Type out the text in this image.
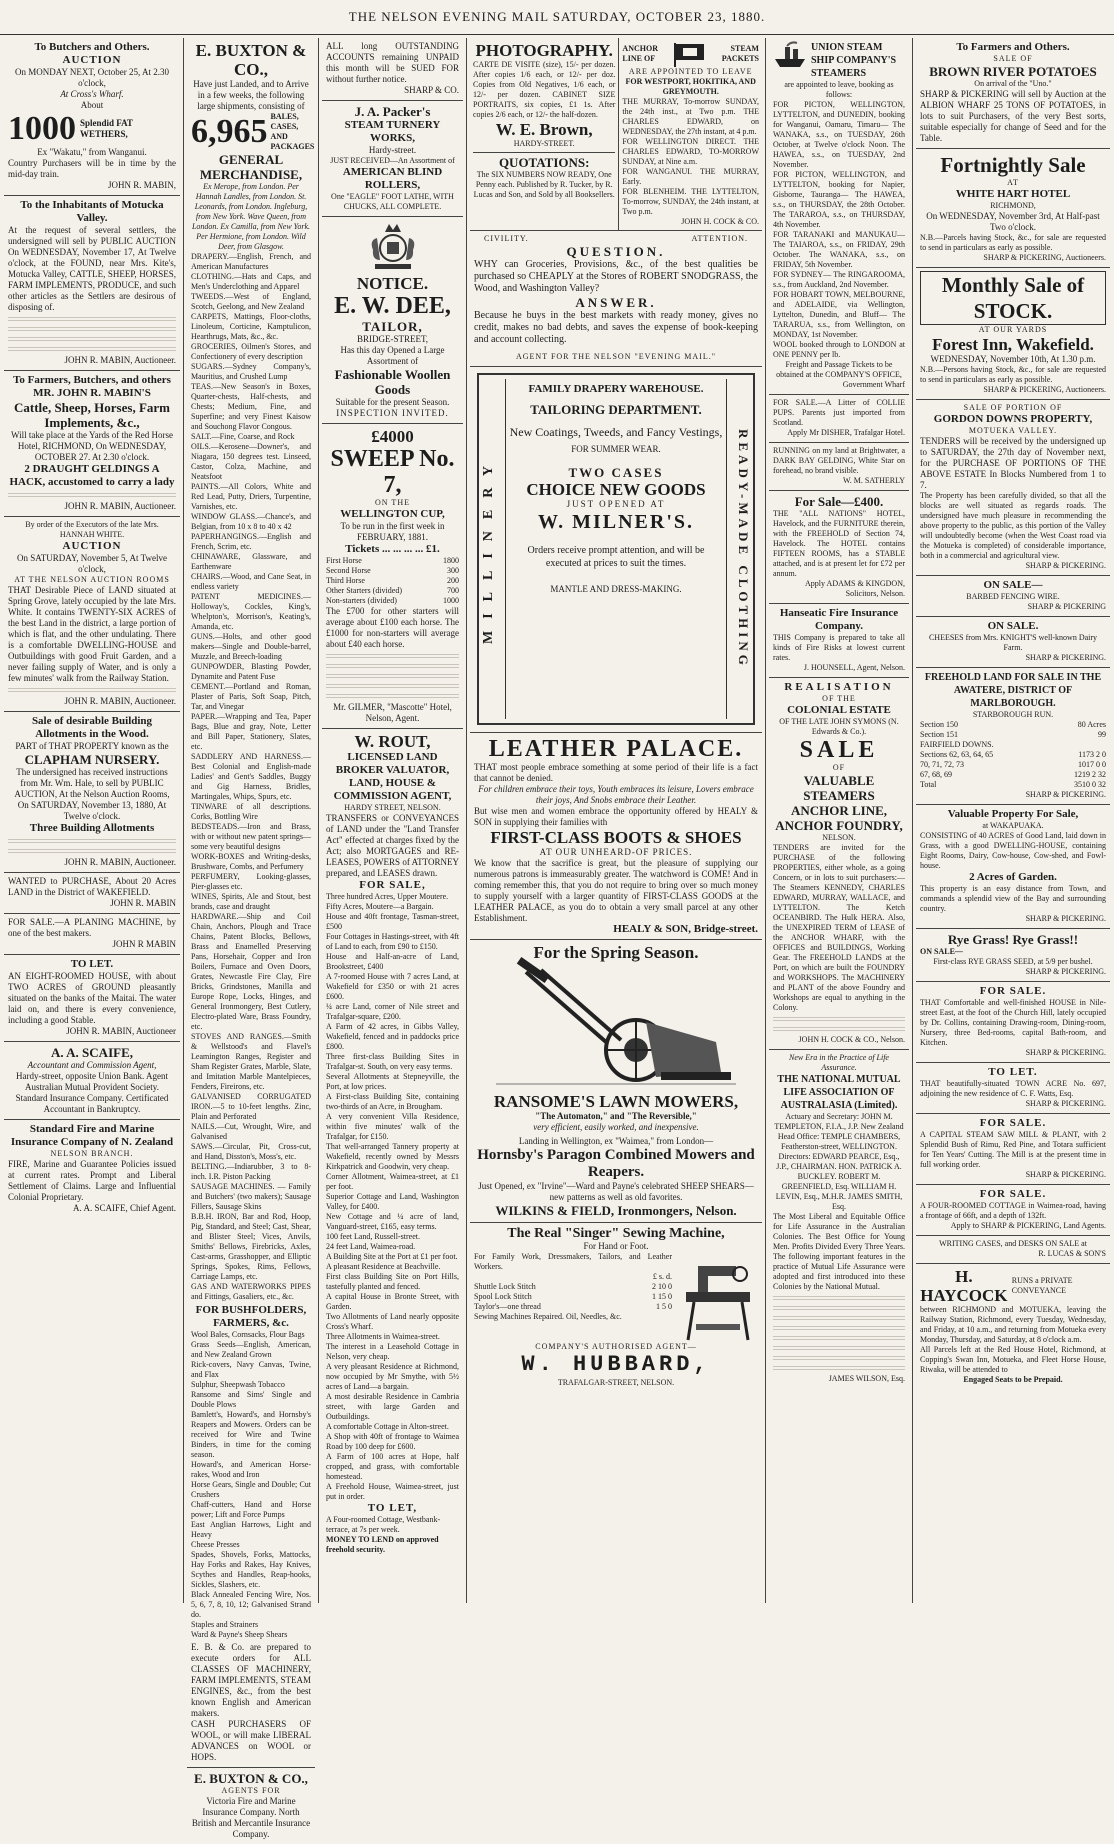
THE NELSON EVENING MAIL SATURDAY, OCTOBER 23, 1880.
To Butchers and Others.
AUCTION
On MONDAY NEXT, October 25, At 2.30 o'clock,
At Cross's Wharf.
About
1000 Splendid FAT WETHERS,
Ex "Wakatu," from Wanganui.
Country Purchasers will be in time by the mid-day train.
JOHN R. MABIN,
To the Inhabitants of Motucka Valley.
At the request of several settlers, the undersigned will sell by PUBLIC AUCTION On WEDNESDAY, November 17, At Twelve o'clock, at the FOUND, near Mrs. Kite's, Motucka Valley, CATTLE, SHEEP, HORSES, FARM IMPLEMENTS, PRODUCE, and such other articles as the Settlers are desirous of disposing of.
JOHN R. MABIN, Auctioneer.
To Farmers, Butchers, and others
MR. JOHN R. MABIN'S
Cattle, Sheep, Horses, Farm Implements, &c.,
Will take place at the Yards of the Red Horse Hotel, RICHMOND, On WEDNESDAY, OCTOBER 27. At 2.30 o'clock.
2 DRAUGHT GELDINGS A HACK, accustomed to carry a lady
JOHN R. MABIN, Auctioneer.
By order of the Executors of the late Mrs. HANNAH WHITE.
AUCTION
On SATURDAY, November 5, At Twelve o'clock,
AT THE NELSON AUCTION ROOMS
THAT Desirable Piece of LAND situated at Spring Grove, lately occupied by the late Mrs. White. It contains TWENTY-SIX ACRES of the best Land in the district, a large portion of which is flat, and the other undulating. There is a comfortable DWELLING-HOUSE and Outbuildings with good Fruit Garden, and a never failing supply of Water, and is only a few minutes' walk from the Railway Station.
JOHN R. MABIN, Auctioneer.
Sale of desirable Building Allotments in the Wood.
PART of THAT PROPERTY known as the
CLAPHAM NURSERY.
The undersigned has received instructions from Mr. Wm. Hale, to sell by PUBLIC AUCTION, At the Nelson Auction Rooms, On SATURDAY, November 13, 1880, At Twelve o'clock.
Three Building Allotments
JOHN R. MABIN, Auctioneer.
WANTED to PURCHASE, About 20 Acres LAND in the District of WAKEFIELD.
JOHN R. MABIN
FOR SALE.—A PLANING MACHINE, by one of the best makers.
JOHN R MABIN
TO LET.
AN EIGHT-ROOMED HOUSE, with about TWO ACRES of GROUND pleasantly situated on the banks of the Maitai. The water laid on, and there is every convenience, including a good Stable.
JOHN R. MABIN, Auctioneer
A. A. SCAIFE,
Accountant and Commission Agent,
Hardy-street, opposite Union Bank. Agent Australian Mutual Provident Society. Standard Insurance Company. Certificated Accountant in Bankruptcy.
Standard Fire and Marine Insurance Company of N. Zealand
NELSON BRANCH.
FIRE, Marine and Guarantee Policies issued at current rates. Prompt and Liberal Settlement of Claims. Large and Influential Colonial Proprietary.
A. A. SCAIFE, Chief Agent.
E. BUXTON & CO.,
Have just Landed, and to Arrive in a few weeks, the following large shipments, consisting of
6,965 BALES, CASES, AND PACKAGES
GENERAL MERCHANDISE,
Ex Merope, from London. Per Hannah Landles, from London. St. Leonards, from London. Ingleburg, from New York. Wave Queen, from London. Ex Camilla, from New York. Per Hermione, from London. Wild Deer, from Glasgow.
DRAPERY.—English, French, and American Manufactures
CLOTHING.—Hats and Caps, and Men's Underclothing and Apparel
TWEEDS.—West of England, Scotch, Geelong, and New Zealand
CARPETS, Mattings, Floor-cloths, Linoleum, Corticine, Kamptulicon, Hearthrugs, Mats, &c., &c.
GROCERIES, Oilmen's Stores, and Confectionery of every description
SUGARS.—Sydney Company's, Mauritius, and Crushed Lump
TEAS.—New Season's in Boxes, Quarter-chests, Half-chests, and Chests; Medium, Fine, and Superfine; and very Finest Kaisow and Souchong Flavor Congous.
SALT.—Fine, Coarse, and Rock
OILS.—Kerosene—Downer's, and Niagara, 150 degrees test. Linseed, Castor, Colza, Machine, and Neatsfoot
PAINTS.—All Colors, White and Red Lead, Putty, Driers, Turpentine, Varnishes, etc.
WINDOW GLASS.—Chance's, and Belgian, from 10 x 8 to 40 x 42
PAPERHANGINGS.—English and French, Scrim, etc.
CHINAWARE, Glassware, and Earthenware
CHAIRS.—Wood, and Cane Seat, in endless variety
PATENT MEDICINES.—Holloway's, Cockles, King's, Whelpton's, Morrison's, Keating's, Amanda, etc.
GUNS.—Holts, and other good makers—Single and Double-barrel, Muzzle, and Breech-loading
GUNPOWDER, Blasting Powder, Dynamite and Patent Fuse
CEMENT.—Portland and Roman, Plaster of Paris, Soft Soap, Pitch, Tar, and Vinegar
PAPER.—Wrapping and Tea, Paper Bags, Blue and gray, Note, Letter and Bill Paper, Stationery, Slates, etc.
SADDLERY AND HARNESS.—Best Colonial and English-made Ladies' and Gent's Saddles, Buggy and Gig Harness, Bridles, Martingales, Whips, Spurs, etc.
TINWARE of all descriptions. Corks, Bottling Wire
BEDSTEADS.—Iron and Brass, with or without new patent springs—some very beautiful designs
WORK-BOXES and Writing-desks, Brushware, Combs, and Perfumery
PERFUMERY, Looking-glasses, Pier-glasses etc.
WINES, Spirits, Ale and Stout, best brands, case and draught
HARDWARE.—Ship and Coil Chain, Anchors, Plough and Trace Chains, Patent Blocks, Bellows, Brass and Enamelled Preserving Pans, Horsehair, Copper and Iron Boilers, Furnace and Oven Doors, Grates, Newcastle Fire Clay, Fire Bricks, Grindstones, Manilla and Europe Rope, Locks, Hinges, and General Ironmongery, Best Cutlery, Electro-plated Ware, Brass Foundry, etc.
STOVES AND RANGES.—Smith & Wellstood's and Flavel's Leamington Ranges, Register and Sham Register Grates, Marble, Slate, and Imitation Marble Mantelpieces, Fenders, Fireirons, etc.
GALVANISED CORRUGATED IRON.—5 to 10-feet lengths. Zinc, Plain and Perforated
NAILS.—Cut, Wrought, Wire, and Galvanised
SAWS.—Circular, Pit, Cross-cut, and Hand, Disston's, Moss's, etc.
BELTING.—Indiarubber, 3 to 8-inch. I.R. Piston Packing
SAUSAGE MACHINES. — Family and Butchers' (two makers); Sausage Fillers, Sausage Skins
B.B.H. IRON, Bar and Rod, Hoop, Pig, Standard, and Steel; Cast, Shear, and Blister Steel; Vices, Anvils, Smiths' Bellows, Firebricks, Axles, Cast-arms, Grasshopper, and Elliptic Springs, Spokes, Rims, Fellows, Carriage Lamps, etc.
GAS AND WATERWORKS PIPES and Fittings, Gasaliers, etc., &c.
FOR BUSHFOLDERS, FARMERS, &c.
Wool Bales, Cornsacks, Flour Bags
Grass Seeds—English, American, and New Zealand Grown
Rick-covers, Navy Canvas, Twine, and Flax
Sulphur, Sheepwash Tobacco
Ransome and Sims' Single and Double Plows
Bamlett's, Howard's, and Hornsby's Reapers and Mowers. Orders can be received for Wire and Twine Binders, in time for the coming season.
Howard's, and American Horse-rakes, Wood and Iron
Horse Gears, Single and Double; Cut Crushers
Chaff-cutters, Hand and Horse power; Lift and Force Pumps
East Anglian Harrows, Light and Heavy
Cheese Presses
Spades, Shovels, Forks, Mattocks, Hay Forks and Rakes, Hay Knives, Scythes and Handles, Reap-hooks, Sickles, Slashers, etc.
Black Annealed Fencing Wire, Nos. 5, 6, 7, 8, 10, 12; Galvanised Strand do.
Staples and Strainers
Ward & Payne's Sheep Shears
E. B. & Co. are prepared to execute orders for ALL CLASSES OF MACHINERY, FARM IMPLEMENTS, STEAM ENGINES, &c., from the best known English and American makers.
CASH PURCHASERS OF WOOL, or will make LIBERAL ADVANCES on WOOL or HOPS.
E. BUXTON & CO.,
AGENTS FOR
Victoria Fire and Marine Insurance Company. North British and Mercantile Insurance Company.
ALL long OUTSTANDING ACCOUNTS remaining UNPAID this month will be SUED FOR without further notice.
SHARP & CO.
J. A. Packer's
STEAM TURNERY WORKS,
Hardy-street.
JUST RECEIVED—An Assortment of
AMERICAN BLIND ROLLERS,
One "EAGLE" FOOT LATHE, WITH CHUCKS, ALL COMPLETE.
NOTICE.
E. W. DEE,
TAILOR,
BRIDGE-STREET,
Has this day Opened a Large Assortment of
Fashionable Woollen Goods
Suitable for the present Season.
INSPECTION INVITED.
£4000
SWEEP No. 7,
ON THE
WELLINGTON CUP,
To be run in the first week in FEBRUARY, 1881.
Tickets ... ... ... ... £1.
First Horse	1800
Second Horse	300
Third Horse	200
Other Starters (divided)	700
Non-starters (divided)	1000
The £700 for other starters will average about £100 each horse. The £1000 for non-starters will average about £40 each horse.
Mr. GILMER, "Mascotte" Hotel, Nelson, Agent.
W. ROUT,
LICENSED LAND BROKER VALUATOR,
LAND, HOUSE & COMMISSION AGENT,
HARDY STREET, NELSON.
TRANSFERS or CONVEYANCES of LAND under the "Land Transfer Act" effected at charges fixed by the Act; also MORTGAGES and RE-LEASES, POWERS of ATTORNEY prepared, and LEASES drawn.
FOR SALE,
Three hundred Acres, Upper Moutere.
Fifty Acres, Moutere—a Bargain.
House and 40ft frontage, Tasman-street, £500
Four Cottages in Hastings-street, with 4ft of Land to each, from £90 to £150.
House and Half-an-acre of Land, Brookstreet, £400
A 7-roomed House with 7 acres Land, at Wakefield for £350 or with 21 acres £600.
¼ acre Land, corner of Nile street and Trafalgar-square, £200.
A Farm of 42 acres, in Gibbs Valley, Wakefield, fenced and in paddocks price £800.
Three first-class Building Sites in Trafalgar-st. South, on very easy terms.
Several Allotments at Stepneyville, the Port, at low prices.
A First-class Building Site, containing two-thirds of an Acre, in Brougham.
A very convenient Villa Residence, within five minutes' walk of the Trafalgar, for £150.
That well-arranged Tannery property at Wakefield, recently owned by Messrs Kirkpatrick and Goodwin, very cheap.
Corner Allotment, Waimea-street, at £1 per foot.
Superior Cottage and Land, Washington Valley, for £400.
New Cottage and ¼ acre of land, Vanguard-street, £165, easy terms.
100 feet Land, Russell-street.
24 feet Land, Waimea-road.
A Building Site at the Port at £1 per foot.
A pleasant Residence at Beachville.
First class Building Site on Port Hills, tastefully planted and fenced.
A capital House in Bronte Street, with Garden.
Two Allotments of Land nearly opposite Cross's Wharf.
Three Allotments in Waimea-street.
The interest in a Leasehold Cottage in Nelson, very cheap.
A very pleasant Residence at Richmond, now occupied by Mr Smythe, with 5½ acres of Land—a bargain.
A most desirable Residence in Cambria street, with large Garden and Outbuildings.
A comfortable Cottage in Alton-street.
A Shop with 40ft of frontage to Waimea Road by 100 deep for £600.
A Farm of 100 acres at Hope, half cropped, and grass, with comfortable homestead.
A Freehold House, Waimea-street, just put in order.
TO LET,
A Four-roomed Cottage, Westbank-terrace, at 7s per week.
MONEY TO LEND on approved freehold security.
PHOTOGRAPHY.
CARTE DE VISITE (size), 15/- per dozen. After copies 1/6 each, or 12/- per doz. Copies from Old Negatives, 1/6 each, or 12/- per dozen. CABINET SIZE PORTRAITS, six copies, £1 1s. After copies 2/6 each, or 12/- the half-dozen.
W. E. Brown,
HARDY-STREET.
QUOTATIONS:
The SIX NUMBERS NOW READY, One Penny each. Published by R. Tucker, by R. Lucas and Son, and Sold by all Booksellers.
ANCHOR
LINE OF
STEAM PACKETS
ARE APPOINTED TO LEAVE
FOR WESTPORT, HOKITIKA, AND GREYMOUTH.
THE MURRAY, To-morrow SUNDAY, the 24th inst., at Two p.m. THE CHARLES EDWARD, on WEDNESDAY, the 27th instant, at 4 p.m.
FOR WELLINGTON DIRECT. THE CHARLES EDWARD, TO-MORROW SUNDAY, at Nine a.m.
FOR WANGANUI. THE MURRAY, Early.
FOR BLENHEIM. THE LYTTELTON, To-morrow, SUNDAY, the 24th instant, at Two p.m.
JOHN H. COCK & CO.
CIVILITY.	ATTENTION.
QUESTION.
WHY can Groceries, Provisions, &c., of the best qualities be purchased so CHEAPLY at the Stores of ROBERT SNODGRASS, the Wood, and Washington Valley?
ANSWER.
Because he buys in the best markets with ready money, gives no credit, makes no bad debts, and saves the expense of book-keeping and account collecting.
AGENT FOR THE NELSON "EVENING MAIL."
MILLINERY
FAMILY DRAPERY WAREHOUSE.
TAILORING DEPARTMENT.
New Coatings, Tweeds, and Fancy Vestings,
FOR SUMMER WEAR.
TWO CASES
CHOICE NEW GOODS
JUST OPENED AT
W. MILNER'S.
Orders receive prompt attention, and will be executed at prices to suit the times.
MANTLE AND DRESS-MAKING.	READY-MADE CLOTHING
LEATHER PALACE.
THAT most people embrace something at some period of their life is a fact that cannot be denied.
For children embrace their toys, Youth embraces its leisure, Lovers embrace their joys, And Snobs embrace their Leather.
But wise men and women embrace the opportunity offered by HEALY & SON in supplying their families with
FIRST-CLASS BOOTS & SHOES
AT OUR UNHEARD-OF PRICES.
We know that the sacrifice is great, but the pleasure of supplying our numerous patrons is immeasurably greater. The watchword is COME! And in coming remember this, that you do not require to bring over so much money to supply yourself with a larger quantity of FIRST-CLASS GOODS at the LEATHER PALACE, as you do to obtain a very small parcel at any other Establishment.
HEALY & SON, Bridge-street.
For the Spring Season.
RANSOME'S LAWN MOWERS,
"The Automaton," and "The Reversible,"
very efficient, easily worked, and inexpensive.
Landing in Wellington, ex "Waimea," from London—
Hornsby's Paragon Combined Mowers and Reapers.
Just Opened, ex "Irvine"—Ward and Payne's celebrated SHEEP SHEARS—new patterns as well as old favorites.
WILKINS & FIELD, Ironmongers, Nelson.
The Real "Singer" Sewing Machine,
For Hand or Foot.
For Family Work, Dressmakers, Tailors, and Leather Workers.
£ s. d.
Shuttle Lock Stitch	2 10 0
Spool Lock Stitch	1 15 0
Taylor's—one thread	1 5 0
Sewing Machines Repaired. Oil, Needles, &c.
COMPANY'S AUTHORISED AGENT—
W. HUBBARD,
TRAFALGAR-STREET, NELSON.
UNION STEAM SHIP COMPANY'S STEAMERS
are appointed to leave, booking as follows:
FOR PICTON, WELLINGTON, LYTTELTON, and DUNEDIN, booking for Wanganui, Oamaru, Timaru— The WANAKA, s.s., on TUESDAY, 26th October, at Twelve o'clock Noon. The HAWEA, s.s., on TUESDAY, 2nd November.
FOR PICTON, WELLINGTON, and LYTTELTON, booking for Napier, Gisborne, Tauranga— The HAWEA, s.s., on THURSDAY, the 28th October. The TARAROA, s.s., on THURSDAY, 4th November.
FOR TARANAKI and MANUKAU— The TAIAROA, s.s., on FRIDAY, 29th October. The WANAKA, s.s., on FRIDAY, 5th November.
FOR SYDNEY— The RINGAROOMA, s.s., from Auckland, 2nd November.
FOR HOBART TOWN, MELBOURNE, and ADELAIDE, via Wellington, Lyttelton, Dunedin, and Bluff— The TARARUA, s.s., from Wellington, on MONDAY, 1st November.
WOOL booked through to LONDON at ONE PENNY per lb.
Freight and Passage Tickets to be obtained at the COMPANY'S OFFICE,
Government Wharf
FOR SALE.—A Litter of COLLIE PUPS. Parents just imported from Scotland.
Apply Mr DISHER, Trafalgar Hotel.
RUNNING on my land at Brightwater, a DARK BAY GELDING, White Star on forehead, no brand visible.
W. M. SATHERLY
For Sale—£400.
THE "ALL NATIONS" HOTEL, Havelock, and the FURNITURE therein, with the FREEHOLD of Section 74, Havelock. The HOTEL contains FIFTEEN ROOMS, has a STABLE attached, and is at present let for £72 per annum.
Apply ADAMS & KINGDON, Solicitors, Nelson.
Hanseatic Fire Insurance Company.
THIS Company is prepared to take all kinds of Fire Risks at lowest current rates.
J. HOUNSELL, Agent, Nelson.
REALISATION
OF THE
COLONIAL ESTATE
OF THE LATE JOHN SYMONS (N. Edwards & Co.).
SALE
OF
VALUABLE STEAMERS
ANCHOR LINE,
ANCHOR FOUNDRY,
NELSON.
TENDERS are invited for the PURCHASE of the following PROPERTIES, either whole, as a going Concern, or in lots to suit purchasers:— The Steamers KENNEDY, CHARLES EDWARD, MURRAY, WALLACE, and LYTTELTON. The Ketch OCEANBIRD. The Hulk HERA. Also, the UNEXPIRED TERM of LEASE of the ANCHOR WHARF, with the OFFICES and BUILDINGS, Working Gear. The FREEHOLD LANDS at the Port, on which are built the FOUNDRY and WORKSHOPS. The MACHINERY and PLANT of the above Foundry and Workshops are equal to anything in the Colony.
JOHN H. COCK & CO., Nelson.
New Era in the Practice of Life Assurance.
THE NATIONAL MUTUAL LIFE ASSOCIATION OF AUSTRALASIA (Limited).
Actuary and Secretary: JOHN M. TEMPLETON, F.I.A., J.P. New Zealand Head Office: TEMPLE CHAMBERS, Featherston-street, WELLINGTON.
Directors: EDWARD PEARCE, Esq., J.P., CHAIRMAN. HON. PATRICK A. BUCKLEY. ROBERT M. GREENFIELD, Esq. WILLIAM H. LEVIN, Esq., M.H.R. JAMES SMITH, Esq.
The Most Liberal and Equitable Office for Life Assurance in the Australian Colonies. The Best Office for Young Men. Profits Divided Every Three Years. The following important features in the practice of Mutual Life Assurance were adopted and first introduced into these Colonies by the National Mutual.
JAMES WILSON, Esq.
To Farmers and Others.
SALE OF
BROWN RIVER POTATOES
On arrival of the "Uno."
SHARP & PICKERING will sell by Auction at the ALBION WHARF 25 TONS OF POTATOES, in lots to suit Purchasers, of the very Best sorts, suitable especially for change of Seed and for the Table.
Fortnightly Sale
AT
WHITE HART HOTEL
RICHMOND,
On WEDNESDAY, November 3rd, At Half-past Two o'clock.
N.B.—Parcels having Stock, &c., for sale are requested to send in particulars as early as possible.
SHARP & PICKERING, Auctioneers.
Monthly Sale of STOCK.
AT OUR YARDS
Forest Inn, Wakefield.
WEDNESDAY, November 10th, At 1.30 p.m.
N.B.—Persons having Stock, &c., for sale are requested to send in particulars as early as possible.
SHARP & PICKERING, Auctioneers.
SALE OF PORTION OF
GORDON DOWNS PROPERTY,
MOTUEKA VALLEY.
TENDERS will be received by the undersigned up to SATURDAY, the 27th day of November next, for the PURCHASE OF PORTIONS OF THE ABOVE ESTATE In Blocks Numbered from 1 to 7.
The Property has been carefully divided, so that all the blocks are well situated as regards roads. The undersigned have much pleasure in recommending the above property to the public, as this portion of the Valley will undoubtedly become (when the West Coast road via the Motueka is completed) of considerable importance, both in a commercial and agricultural view.
SHARP & PICKERING.
ON SALE—
BARBED FENCING WIRE.
SHARP & PICKERING
ON SALE.
CHEESES from Mrs. KNIGHT'S well-known Dairy Farm.
SHARP & PICKERING.
FREEHOLD LAND FOR SALE IN THE AWATERE, DISTRICT OF MARLBOROUGH.
STARBOROUGH RUN.
Section 150	80 Acres
Section 151	99
FAIRFIELD DOWNS.
Sections 62, 63, 64, 65	1173 2 0
70, 71, 72, 73	1017 0 0
67, 68, 69	1219 2 32
Total	3510 0 32
SHARP & PICKERING.
Valuable Property For Sale,
at WAKAPUAKA.
CONSISTING of 40 ACRES of Good Land, laid down in Grass, with a good DWELLING-HOUSE, containing Eight Rooms, Dairy, Cow-house, Cow-shed, and Fowl-house.
2 Acres of Garden.
This property is an easy distance from Town, and commands a splendid view of the Bay and surrounding country.
SHARP & PICKERING.
Rye Grass! Rye Grass!!
ON SALE—
First-class RYE GRASS SEED, at 5/9 per bushel.
SHARP & PICKERING.
FOR SALE.
THAT Comfortable and well-finished HOUSE in Nile-street East, at the foot of the Church Hill, lately occupied by Dr. Collins, containing Drawing-room, Dining-room, Nursery, three Bed-rooms, capital Bath-room, and Kitchen.
SHARP & PICKERING.
TO LET.
THAT beautifully-situated TOWN ACRE No. 697, adjoining the new residence of C. F. Watts, Esq.
SHARP & PICKERING.
FOR SALE.
A CAPITAL STEAM SAW MILL & PLANT, with 2 Splendid Bush of Rimu, Red Pine, and Totara sufficient for Ten Years' Cutting. The Mill is at the present time in full working order.
SHARP & PICKERING.
FOR SALE.
A FOUR-ROOMED COTTAGE in Waimea-road, having a frontage of 66ft, and a depth of 132ft.
Apply to SHARP & PICKERING, Land Agents.
WRITING CASES, and DESKS ON SALE at
R. LUCAS & SON'S
H. HAYCOCK
RUNS a PRIVATE CONVEYANCE
between RICHMOND and MOTUEKA, leaving the Railway Station, Richmond, every Tuesday, Wednesday, and Friday, at 10 a.m., and returning from Motueka every Monday, Thursday, and Saturday, at 8 o'clock a.m.
All Parcels left at the Red House Hotel, Richmond, at Copping's Swan Inn, Motueka, and Fleet Horse House, Riwaka, will be attended to
Engaged Seats to be Prepaid.
